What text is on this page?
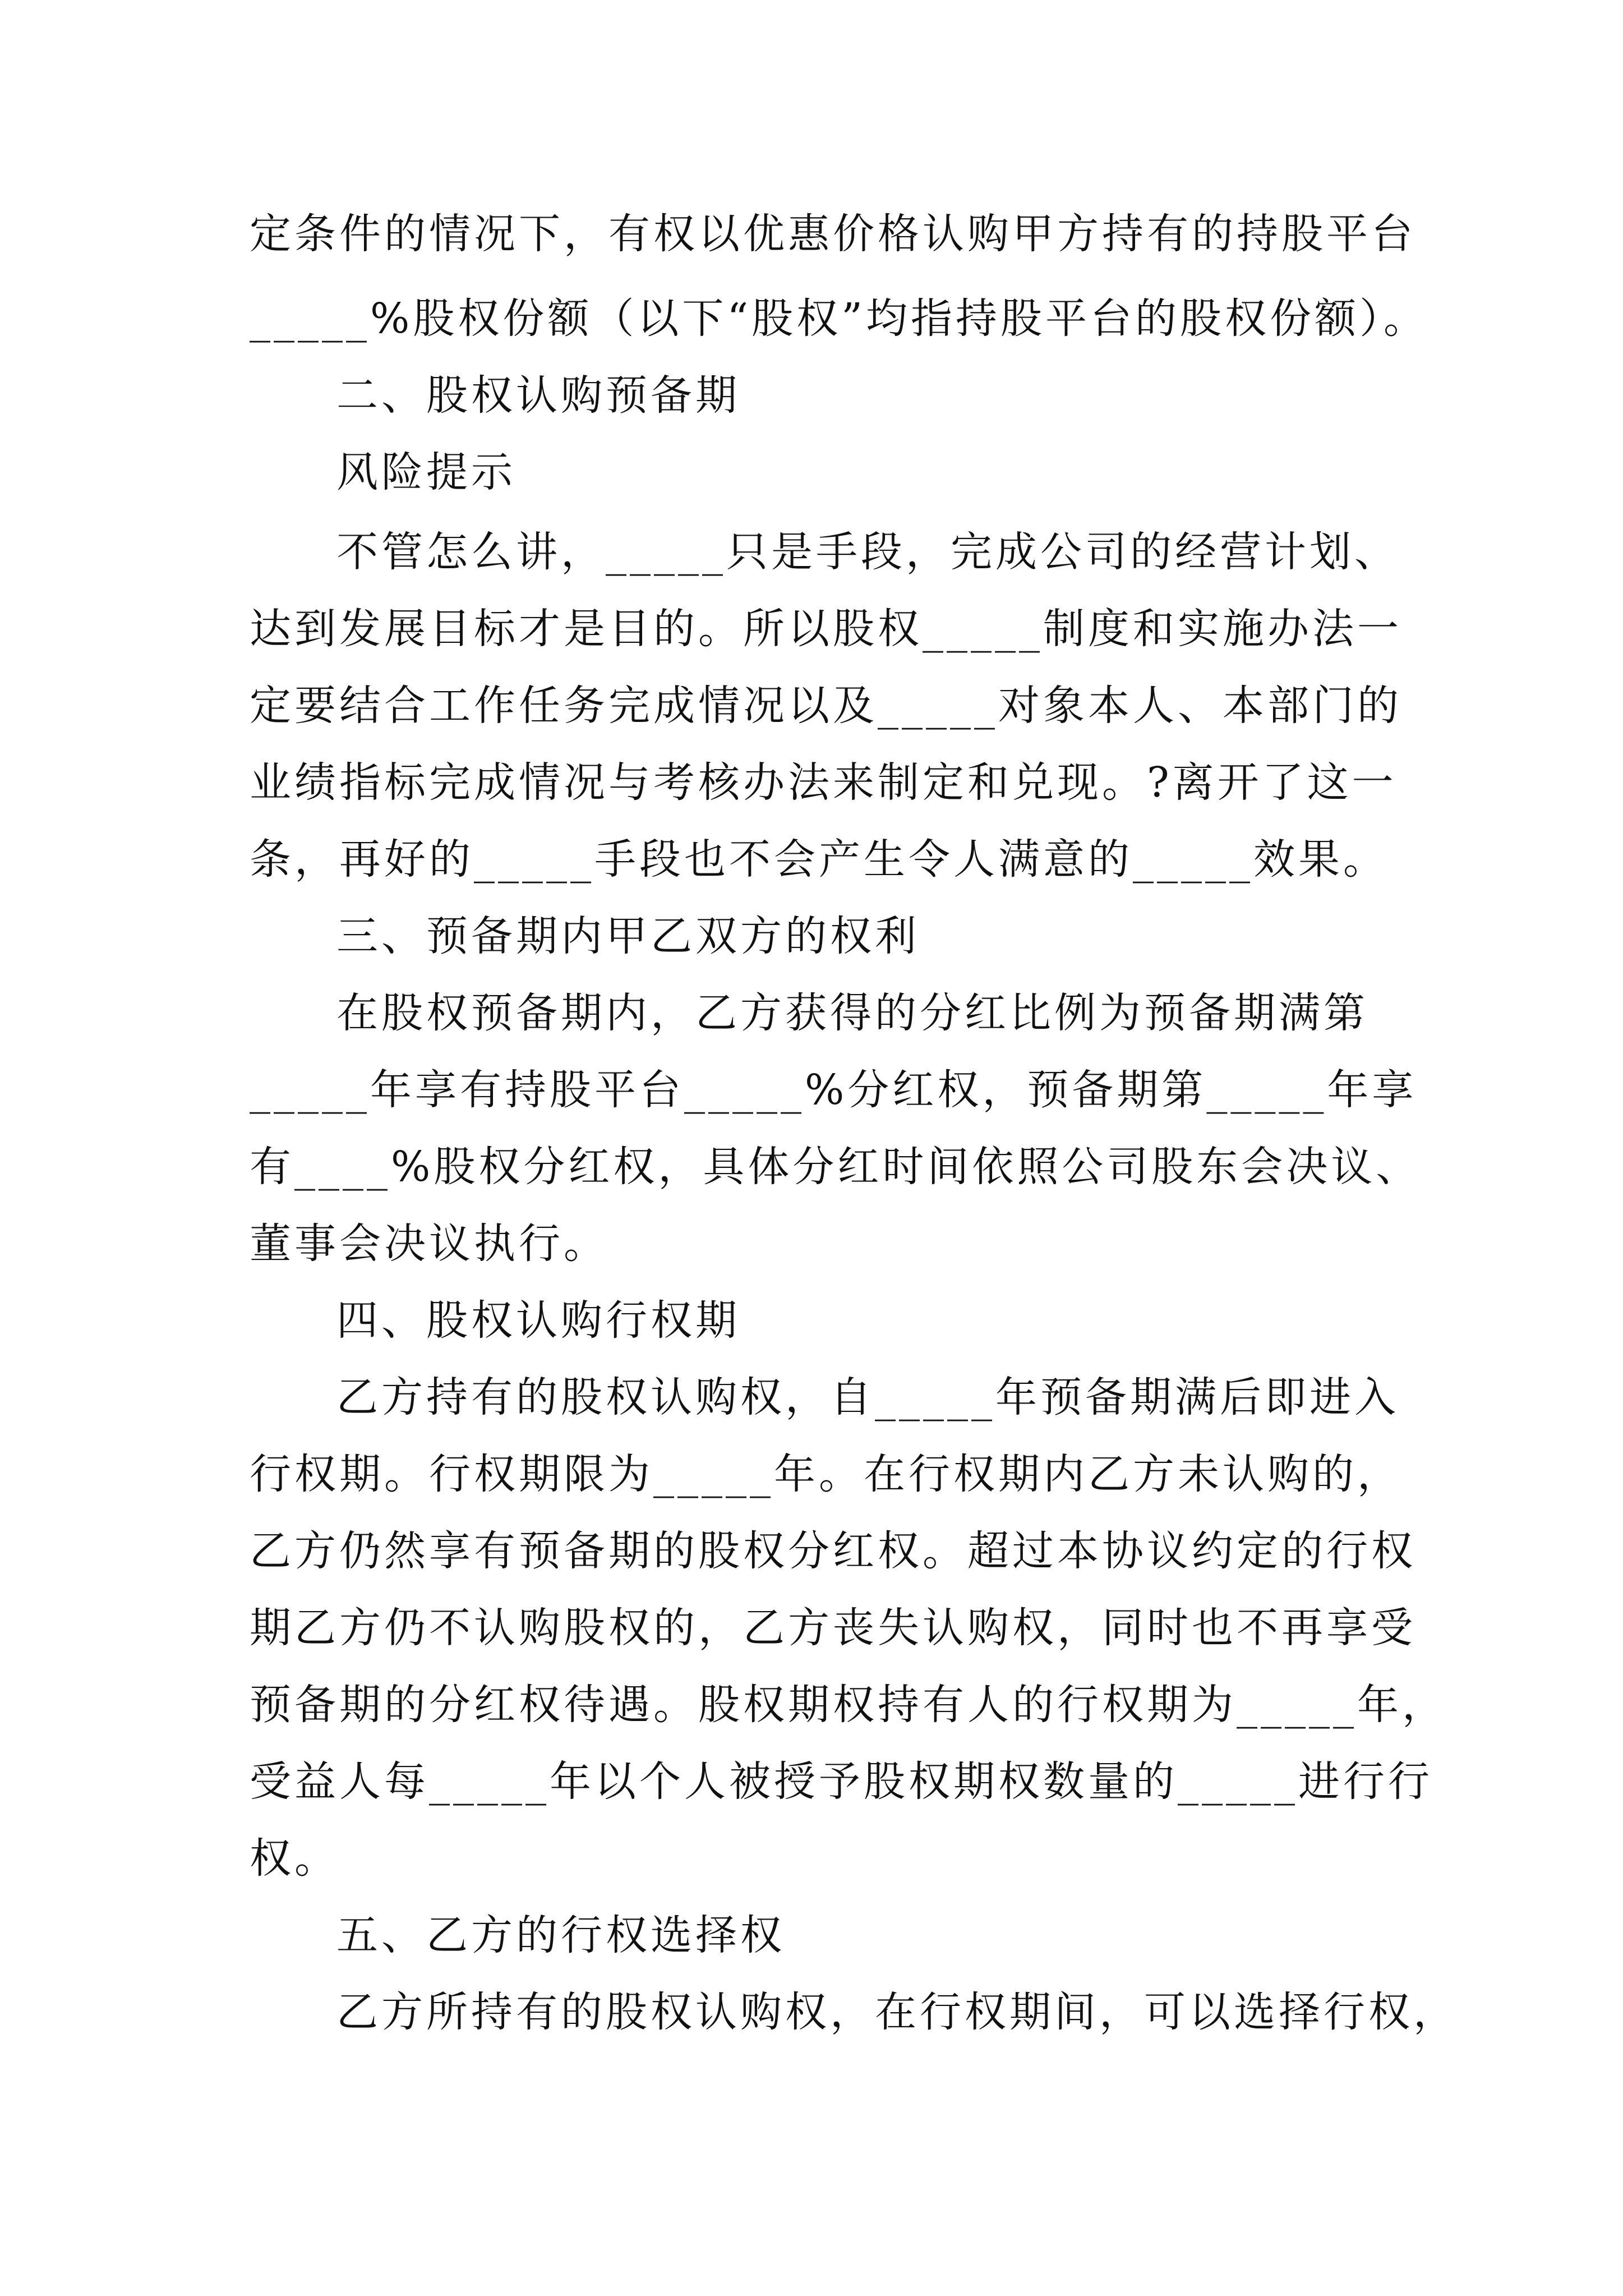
定条件的情况下，有权以优惠价格认购甲方持有的持股平台
_____%股权份额（以下“股权”均指持股平台的股权份额）。
二、股权认购预备期
风险提示
不管怎么讲，_____只是手段，完成公司的经营计划、
达到发展目标才是目的。所以股权_____制度和实施办法一
定要结合工作任务完成情况以及_____对象本人、本部门的
业绩指标完成情况与考核办法来制定和兑现。?离开了这一
条，再好的_____手段也不会产生令人满意的_____效果。
三、预备期内甲乙双方的权利
在股权预备期内，乙方获得的分红比例为预备期满第
_____年享有持股平台_____%分红权，预备期第_____年享
有____%股权分红权，具体分红时间依照公司股东会决议、
董事会决议执行。
四、股权认购行权期
乙方持有的股权认购权，自_____年预备期满后即进入
行权期。行权期限为_____年。在行权期内乙方未认购的，
乙方仍然享有预备期的股权分红权。超过本协议约定的行权
期乙方仍不认购股权的，乙方丧失认购权，同时也不再享受
预备期的分红权待遇。股权期权持有人的行权期为_____年，
受益人每_____年以个人被授予股权期权数量的_____进行行
权。
五、乙方的行权选择权
乙方所持有的股权认购权，在行权期间，可以选择行权，
